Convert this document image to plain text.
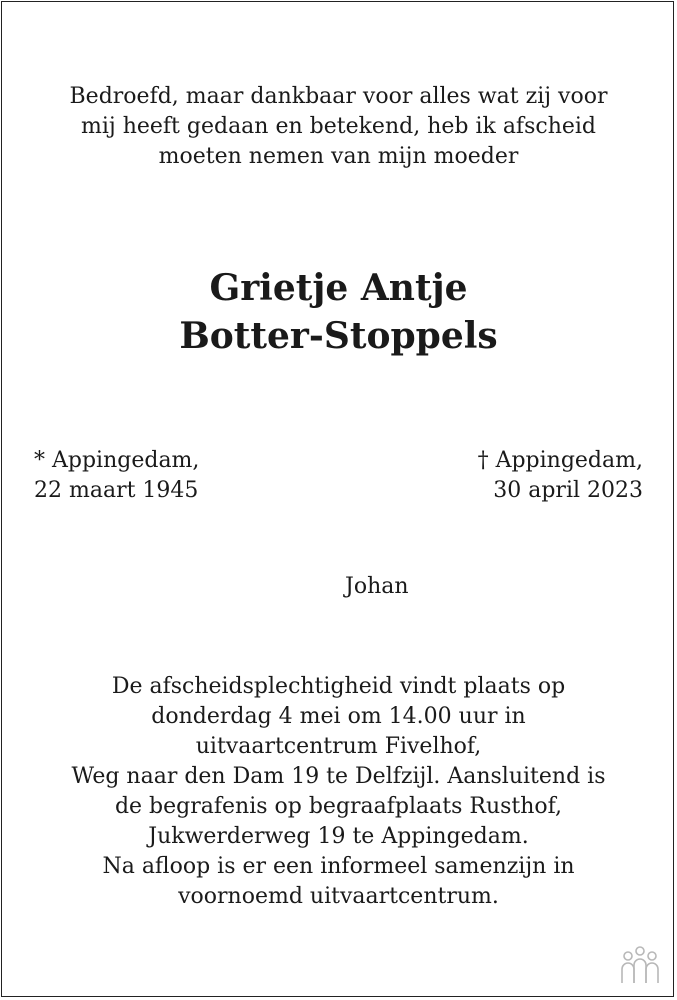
Bedroefd, maar dankbaar voor alles wat zij voor
mij heeft gedaan en betekend, heb ik afscheid
moeten nemen van mijn moeder
Grietje Antje
Botter-Stoppels
* Appingedam,
22 maart 1945
† Appingedam,
30 april 2023
Johan
De afscheidsplechtigheid vindt plaats op
donderdag 4 mei om 14.00 uur in
uitvaartcentrum Fivelhof,
Weg naar den Dam 19 te Delfzijl. Aansluitend is
de begrafenis op begraafplaats Rusthof,
Jukwerderweg 19 te Appingedam.
Na afloop is er een informeel samenzijn in
voornoemd uitvaartcentrum.
